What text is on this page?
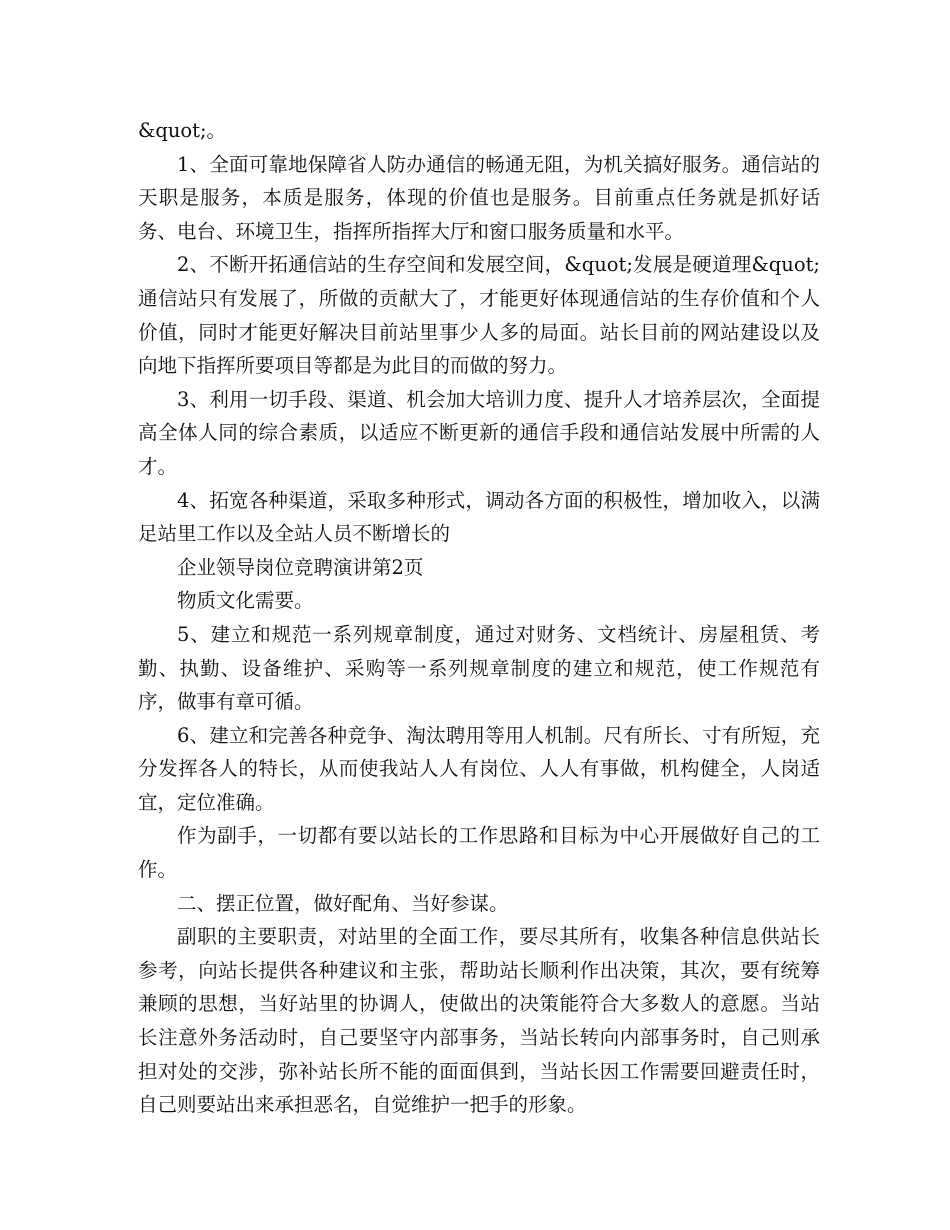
&quot;。

1、全面可靠地保障省人防办通信的畅通无阻，为机关搞好服务。通信站的天职是服务，本质是服务，体现的价值也是服务。目前重点任务就是抓好话务、电台、环境卫生，指挥所指挥大厅和窗口服务质量和水平。

2、不断开拓通信站的生存空间和发展空间，&quot;发展是硬道理&quot;通信站只有发展了，所做的贡献大了，才能更好体现通信站的生存价值和个人价值，同时才能更好解决目前站里事少人多的局面。站长目前的网站建设以及向地下指挥所要项目等都是为此目的而做的努力。

3、利用一切手段、渠道、机会加大培训力度、提升人才培养层次，全面提高全体人同的综合素质，以适应不断更新的通信手段和通信站发展中所需的人才。

4、拓宽各种渠道，采取多种形式，调动各方面的积极性，增加收入，以满足站里工作以及全站人员不断增长的

企业领导岗位竞聘演讲第2页

物质文化需要。

5、建立和规范一系列规章制度，通过对财务、文档统计、房屋租赁、考勤、执勤、设备维护、采购等一系列规章制度的建立和规范，使工作规范有序，做事有章可循。

6、建立和完善各种竞争、淘汰聘用等用人机制。尺有所长、寸有所短，充分发挥各人的特长，从而使我站人人有岗位、人人有事做，机构健全，人岗适宜，定位准确。

作为副手，一切都有要以站长的工作思路和目标为中心开展做好自己的工作。

二、摆正位置，做好配角、当好参谋。

副职的主要职责，对站里的全面工作，要尽其所有，收集各种信息供站长参考，向站长提供各种建议和主张，帮助站长顺利作出决策，其次，要有统筹兼顾的思想，当好站里的协调人，使做出的决策能符合大多数人的意愿。当站长注意外务活动时，自己要坚守内部事务，当站长转向内部事务时，自己则承担对处的交涉，弥补站长所不能的面面俱到，当站长因工作需要回避责任时，自己则要站出来承担恶名，自觉维护一把手的形象。
